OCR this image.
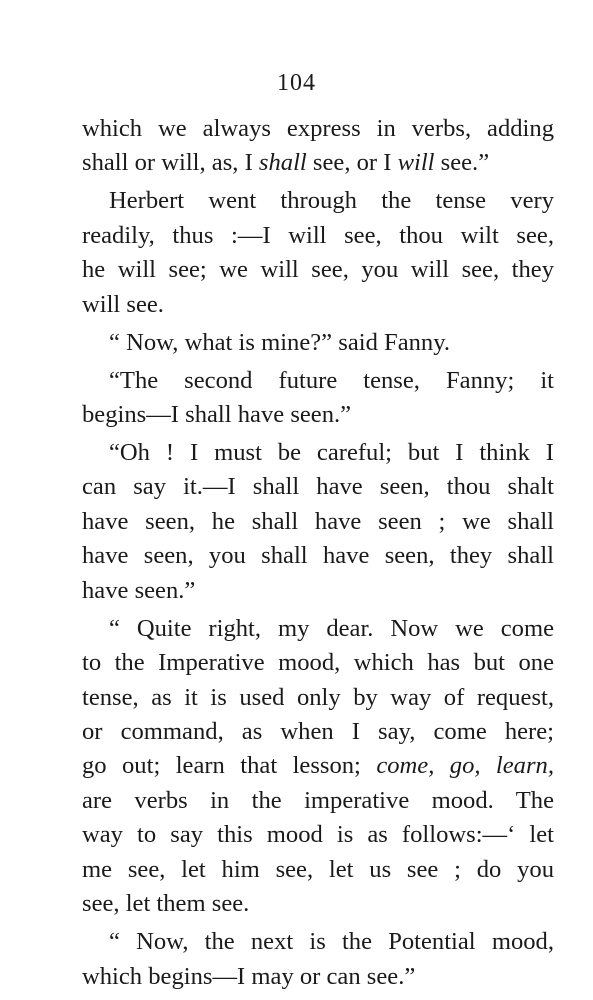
104
which we always express in verbs, adding
shall or will, as, I shall see, or I will see.”
Herbert went through the tense very
readily, thus :—I will see, thou wilt see,
he will see; we will see, you will see, they
will see.
“ Now, what is mine?” said Fanny.
“The second future tense, Fanny; it
begins—I shall have seen.”
“Oh ! I must be careful; but I think I
can say it.—I shall have seen, thou shalt
have seen, he shall have seen ; we shall
have seen, you shall have seen, they shall
have seen.”
“ Quite right, my dear. Now we come
to the Imperative mood, which has but one
tense, as it is used only by way of request,
or command, as when I say, come here;
go out; learn that lesson; come, go, learn,
are verbs in the imperative mood. The
way to say this mood is as follows:—‘ let
me see, let him see, let us see ; do you
see, let them see.
“ Now, the next is the Potential mood,
which begins—I may or can see.”
